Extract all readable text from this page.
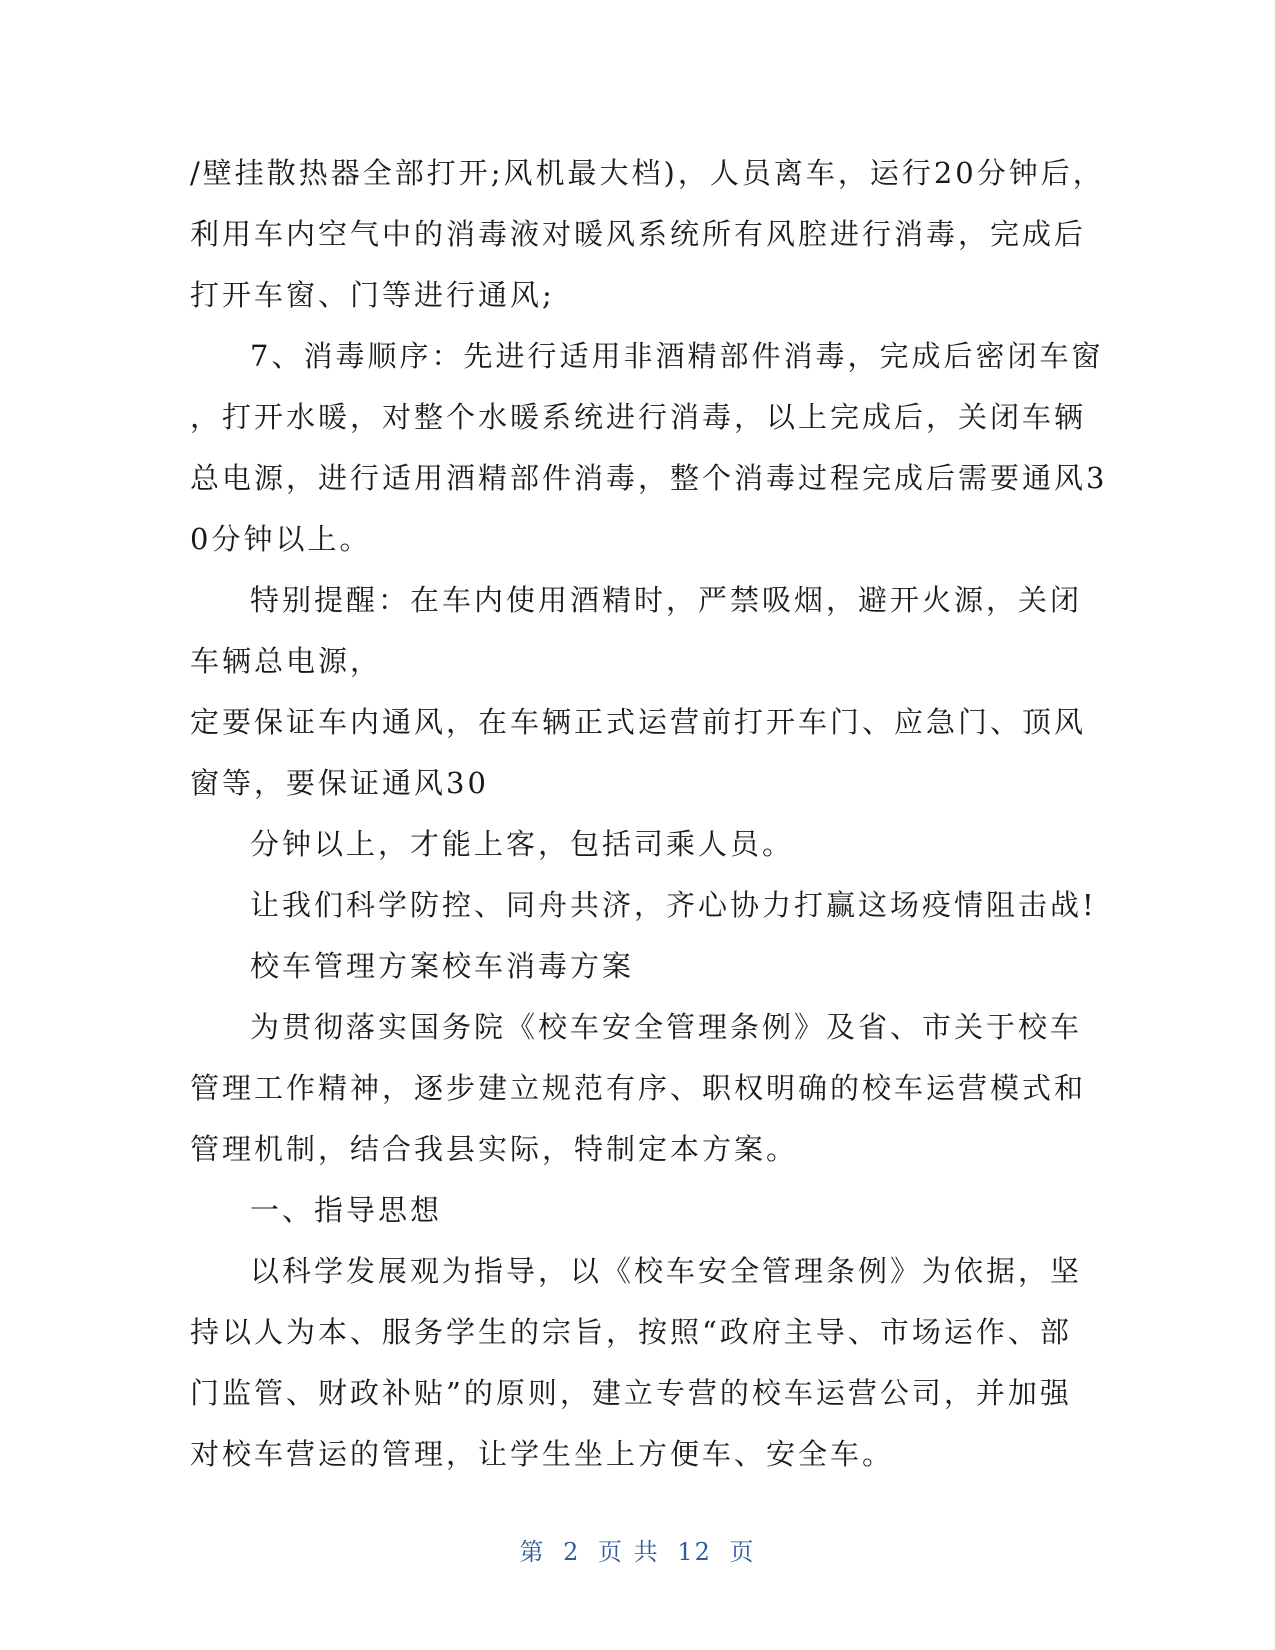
/壁挂散热器全部打开;风机最大档)，人员离车，运行20分钟后，
利用车内空气中的消毒液对暖风系统所有风腔进行消毒，完成后
打开车窗、门等进行通风;
7、消毒顺序：先进行适用非酒精部件消毒，完成后密闭车窗
，打开水暖，对整个水暖系统进行消毒，以上完成后，关闭车辆
总电源，进行适用酒精部件消毒，整个消毒过程完成后需要通风3
0分钟以上。
特别提醒：在车内使用酒精时，严禁吸烟，避开火源，关闭
车辆总电源，
定要保证车内通风，在车辆正式运营前打开车门、应急门、顶风
窗等，要保证通风30
分钟以上，才能上客，包括司乘人员。
让我们科学防控、同舟共济，齐心协力打赢这场疫情阻击战!
校车管理方案校车消毒方案
为贯彻落实国务院《校车安全管理条例》及省、市关于校车
管理工作精神，逐步建立规范有序、职权明确的校车运营模式和
管理机制，结合我县实际，特制定本方案。
一、指导思想
以科学发展观为指导，以《校车安全管理条例》为依据，坚
持以人为本、服务学生的宗旨，按照“政府主导、市场运作、部
门监管、财政补贴”的原则，建立专营的校车运营公司，并加强
对校车营运的管理，让学生坐上方便车、安全车。
第 2 页 共 12 页
